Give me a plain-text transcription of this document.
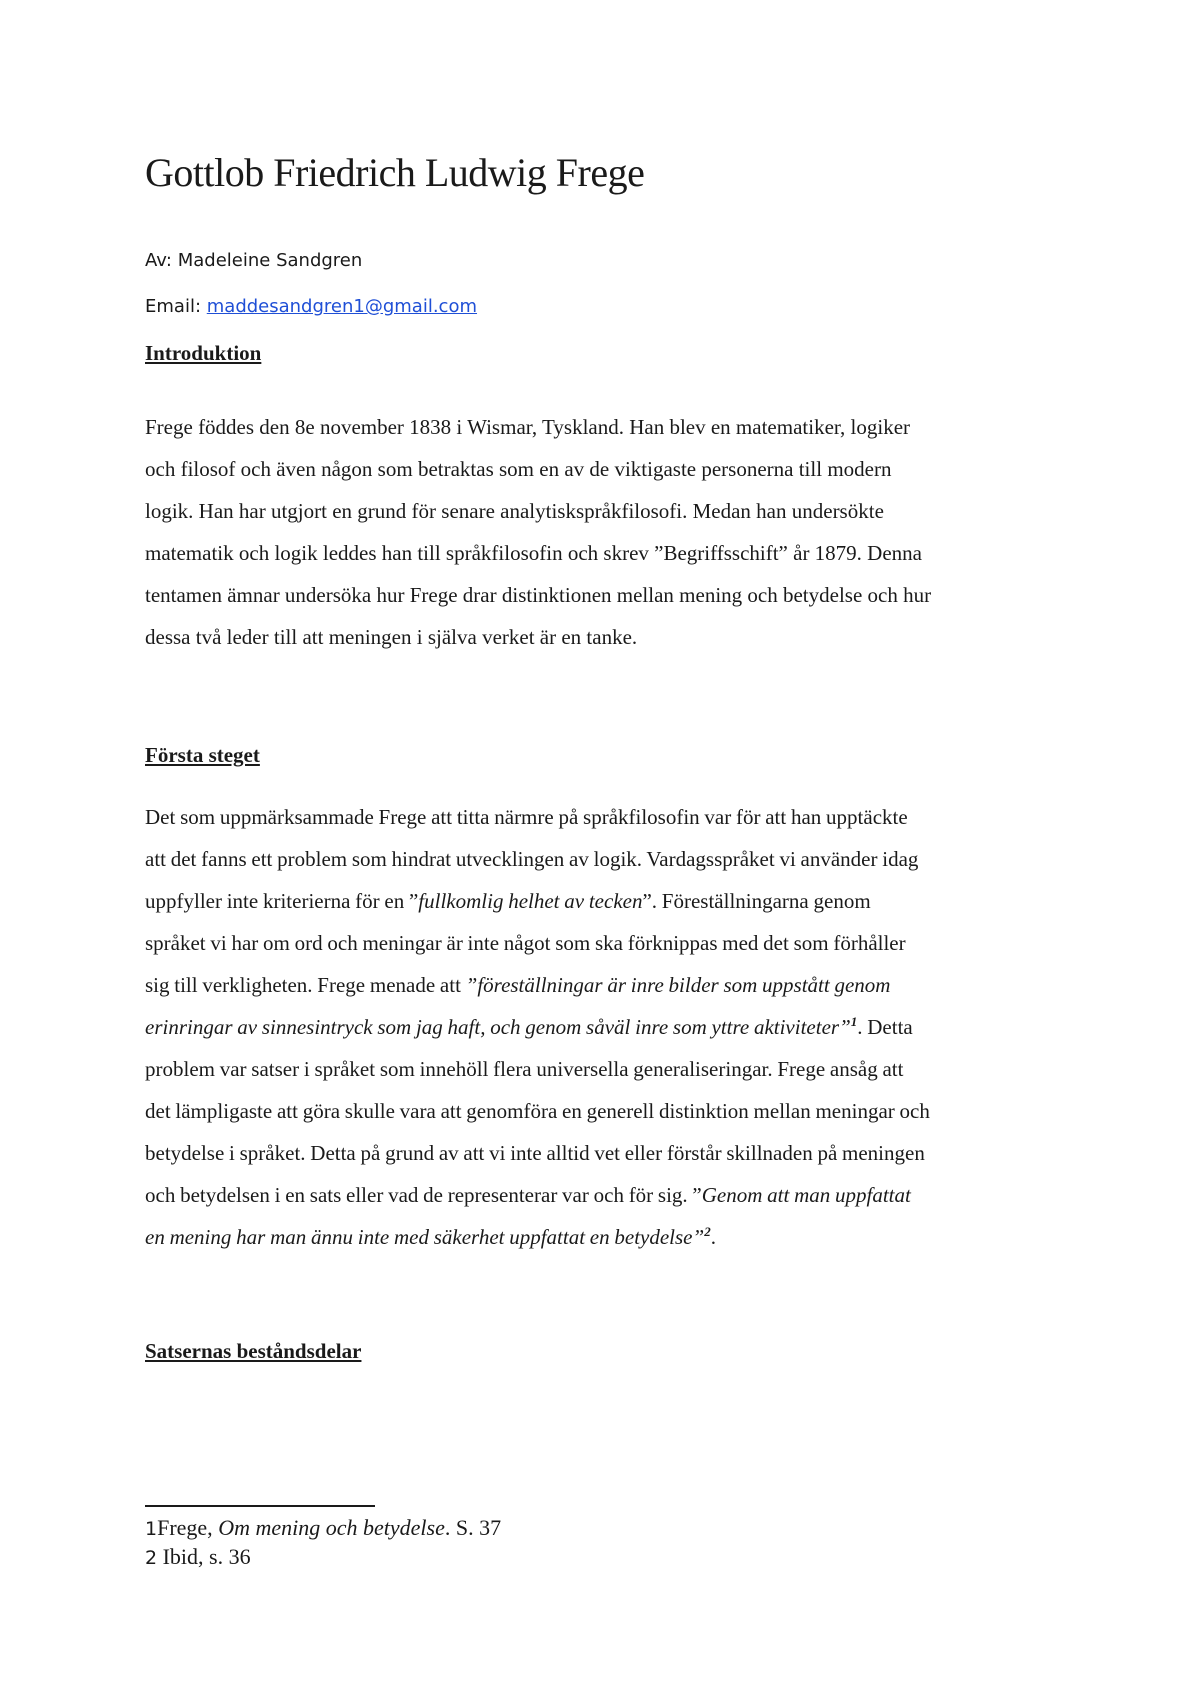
Gottlob Friedrich Ludwig Frege
Av: Madeleine Sandgren
Email: maddesandgren1@gmail.com
Introduktion
Frege föddes den 8e november 1838 i Wismar, Tyskland. Han blev en matematiker, logiker
och filosof och även någon som betraktas som en av de viktigaste personerna till modern
logik. Han har utgjort en grund för senare analytiskspråkfilosofi. Medan han undersökte
matematik och logik leddes han till språkfilosofin och skrev ”Begriffsschift” år 1879. Denna
tentamen ämnar undersöka hur Frege drar distinktionen mellan mening och betydelse och hur
dessa två leder till att meningen i själva verket är en tanke.
Första steget
Det som uppmärksammade Frege att titta närmre på språkfilosofin var för att han upptäckte
att det fanns ett problem som hindrat utvecklingen av logik. Vardagsspråket vi använder idag
uppfyller inte kriterierna för en ”fullkomlig helhet av tecken”. Föreställningarna genom
språket vi har om ord och meningar är inte något som ska förknippas med det som förhåller
sig till verkligheten. Frege menade att ”föreställningar är inre bilder som uppstått genom
erinringar av sinnesintryck som jag haft, och genom såväl inre som yttre aktiviteter”$^1$. Detta
problem var satser i språket som innehöll flera universella generaliseringar. Frege ansåg att
det lämpligaste att göra skulle vara att genomföra en generell distinktion mellan meningar och
betydelse i språket. Detta på grund av att vi inte alltid vet eller förstår skillnaden på meningen
och betydelsen i en sats eller vad de representerar var och för sig. ”Genom att man uppfattat
en mening har man ännu inte med säkerhet uppfattat en betydelse”$^2$.
Satsernas beståndsdelar
1Frege, Om mening och betydelse. S. 37
2 Ibid, s. 36
